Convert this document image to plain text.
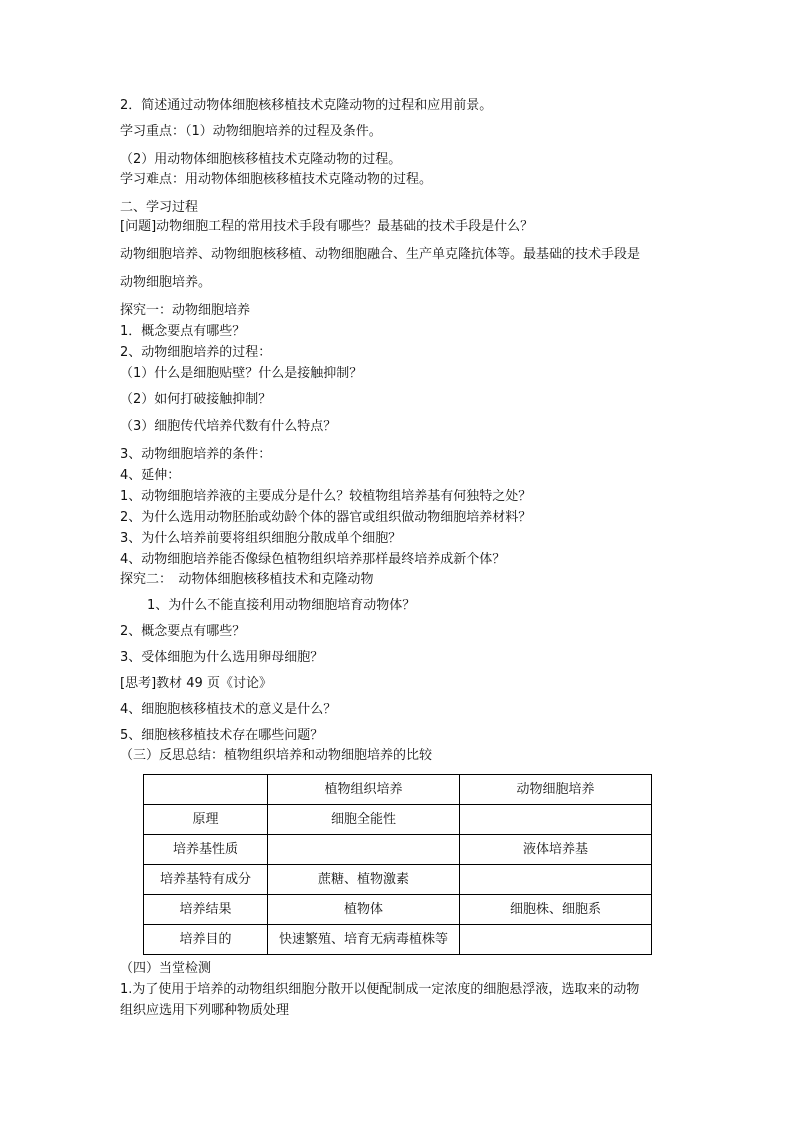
2．简述通过动物体细胞核移植技术克隆动物的过程和应用前景。
学习重点：（1）动物细胞培养的过程及条件。
（2）用动物体细胞核移植技术克隆动物的过程。
学习难点：用动物体细胞核移植技术克隆动物的过程。
二、学习过程
[问题]动物细胞工程的常用技术手段有哪些？最基础的技术手段是什么？
动物细胞培养、动物细胞核移植、动物细胞融合、生产单克隆抗体等。最基础的技术手段是
动物细胞培养。
探究一：动物细胞培养
1．概念要点有哪些？
2、动物细胞培养的过程：
（1）什么是细胞贴壁？什么是接触抑制？
（2）如何打破接触抑制？
（3）细胞传代培养代数有什么特点？
3、动物细胞培养的条件：
4、延伸：
1、动物细胞培养液的主要成分是什么？较植物组培养基有何独特之处？
2、为什么选用动物胚胎或幼龄个体的器官或组织做动物细胞培养材料？
3、为什么培养前要将组织细胞分散成单个细胞？
4、动物细胞培养能否像绿色植物组织培养那样最终培养成新个体？
探究二：　动物体细胞核移植技术和克隆动物
1、为什么不能直接利用动物细胞培育动物体？
2、概念要点有哪些？
3、受体细胞为什么选用卵母细胞？
[思考]教材 49 页《讨论》
4、细胞胞核移植技术的意义是什么？
5、细胞核移植技术存在哪些问题？
（三）反思总结：植物组织培养和动物细胞培养的比较
	植物组织培养	动物细胞培养
原理	细胞全能性	
培养基性质		液体培养基
培养基特有成分	蔗糖、植物激素	
培养结果	植物体	细胞株、细胞系
培养目的	快速繁殖、培育无病毒植株等	
（四）当堂检测
1.为了使用于培养的动物组织细胞分散开以便配制成一定浓度的细胞悬浮液，选取来的动物
组织应选用下列哪种物质处理
